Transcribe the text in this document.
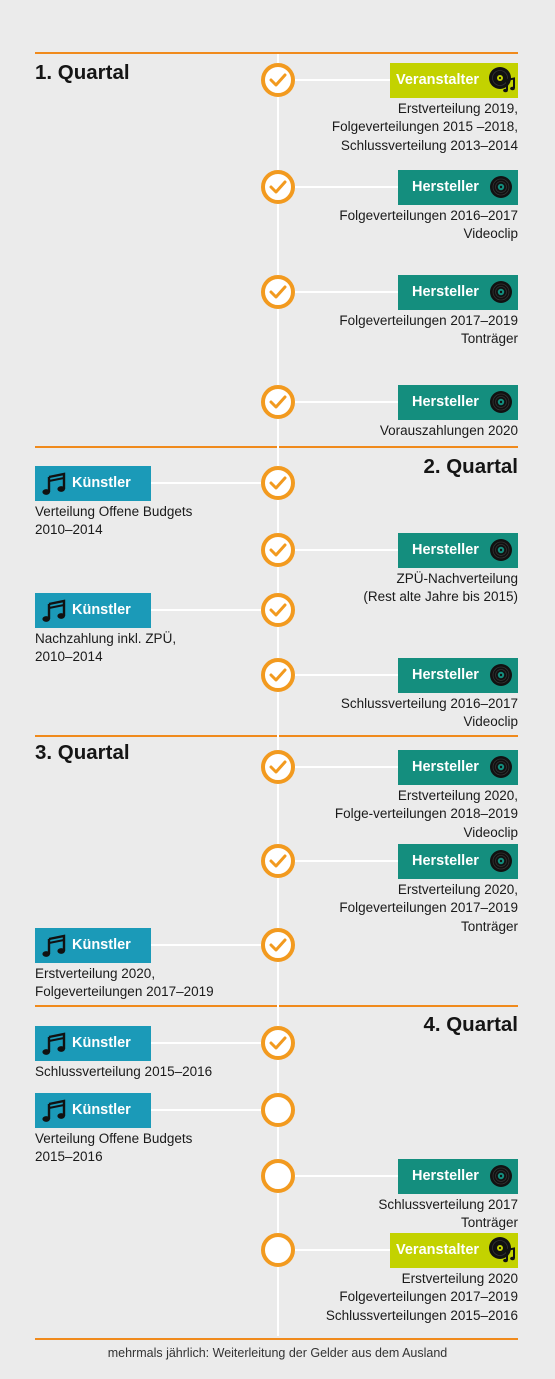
1. Quartal
2. Quartal
3. Quartal
4. Quartal
Veranstalter
Erstverteilung 2019,
Folgeverteilungen 2015 –2018,
Schlussverteilung 2013–2014
Hersteller
Folgeverteilungen 2016–2017
Videoclip
Hersteller
Folgeverteilungen 2017–2019
Tonträger
Hersteller
Vorauszahlungen 2020
Künstler
Verteilung Offene Budgets
2010–2014
Hersteller
ZPÜ-Nachverteilung
(Rest alte Jahre bis 2015)
Künstler
Nachzahlung inkl. ZPÜ,
2010–2014
Hersteller
Schlussverteilung 2016–2017
Videoclip
Hersteller
Erstverteilung 2020,
Folge-verteilungen 2018–2019
Videoclip
Hersteller
Erstverteilung 2020,
Folgeverteilungen 2017–2019
Tonträger
Künstler
Erstverteilung 2020,
Folgeverteilungen 2017–2019
Künstler
Schlussverteilung 2015–2016
Künstler
Verteilung Offene Budgets
2015–2016
Hersteller
Schlussverteilung 2017
Tonträger
Veranstalter
Erstverteilung 2020
Folgeverteilungen 2017–2019
Schlussverteilungen 2015–2016
mehrmals jährlich: Weiterleitung der Gelder aus dem Ausland
